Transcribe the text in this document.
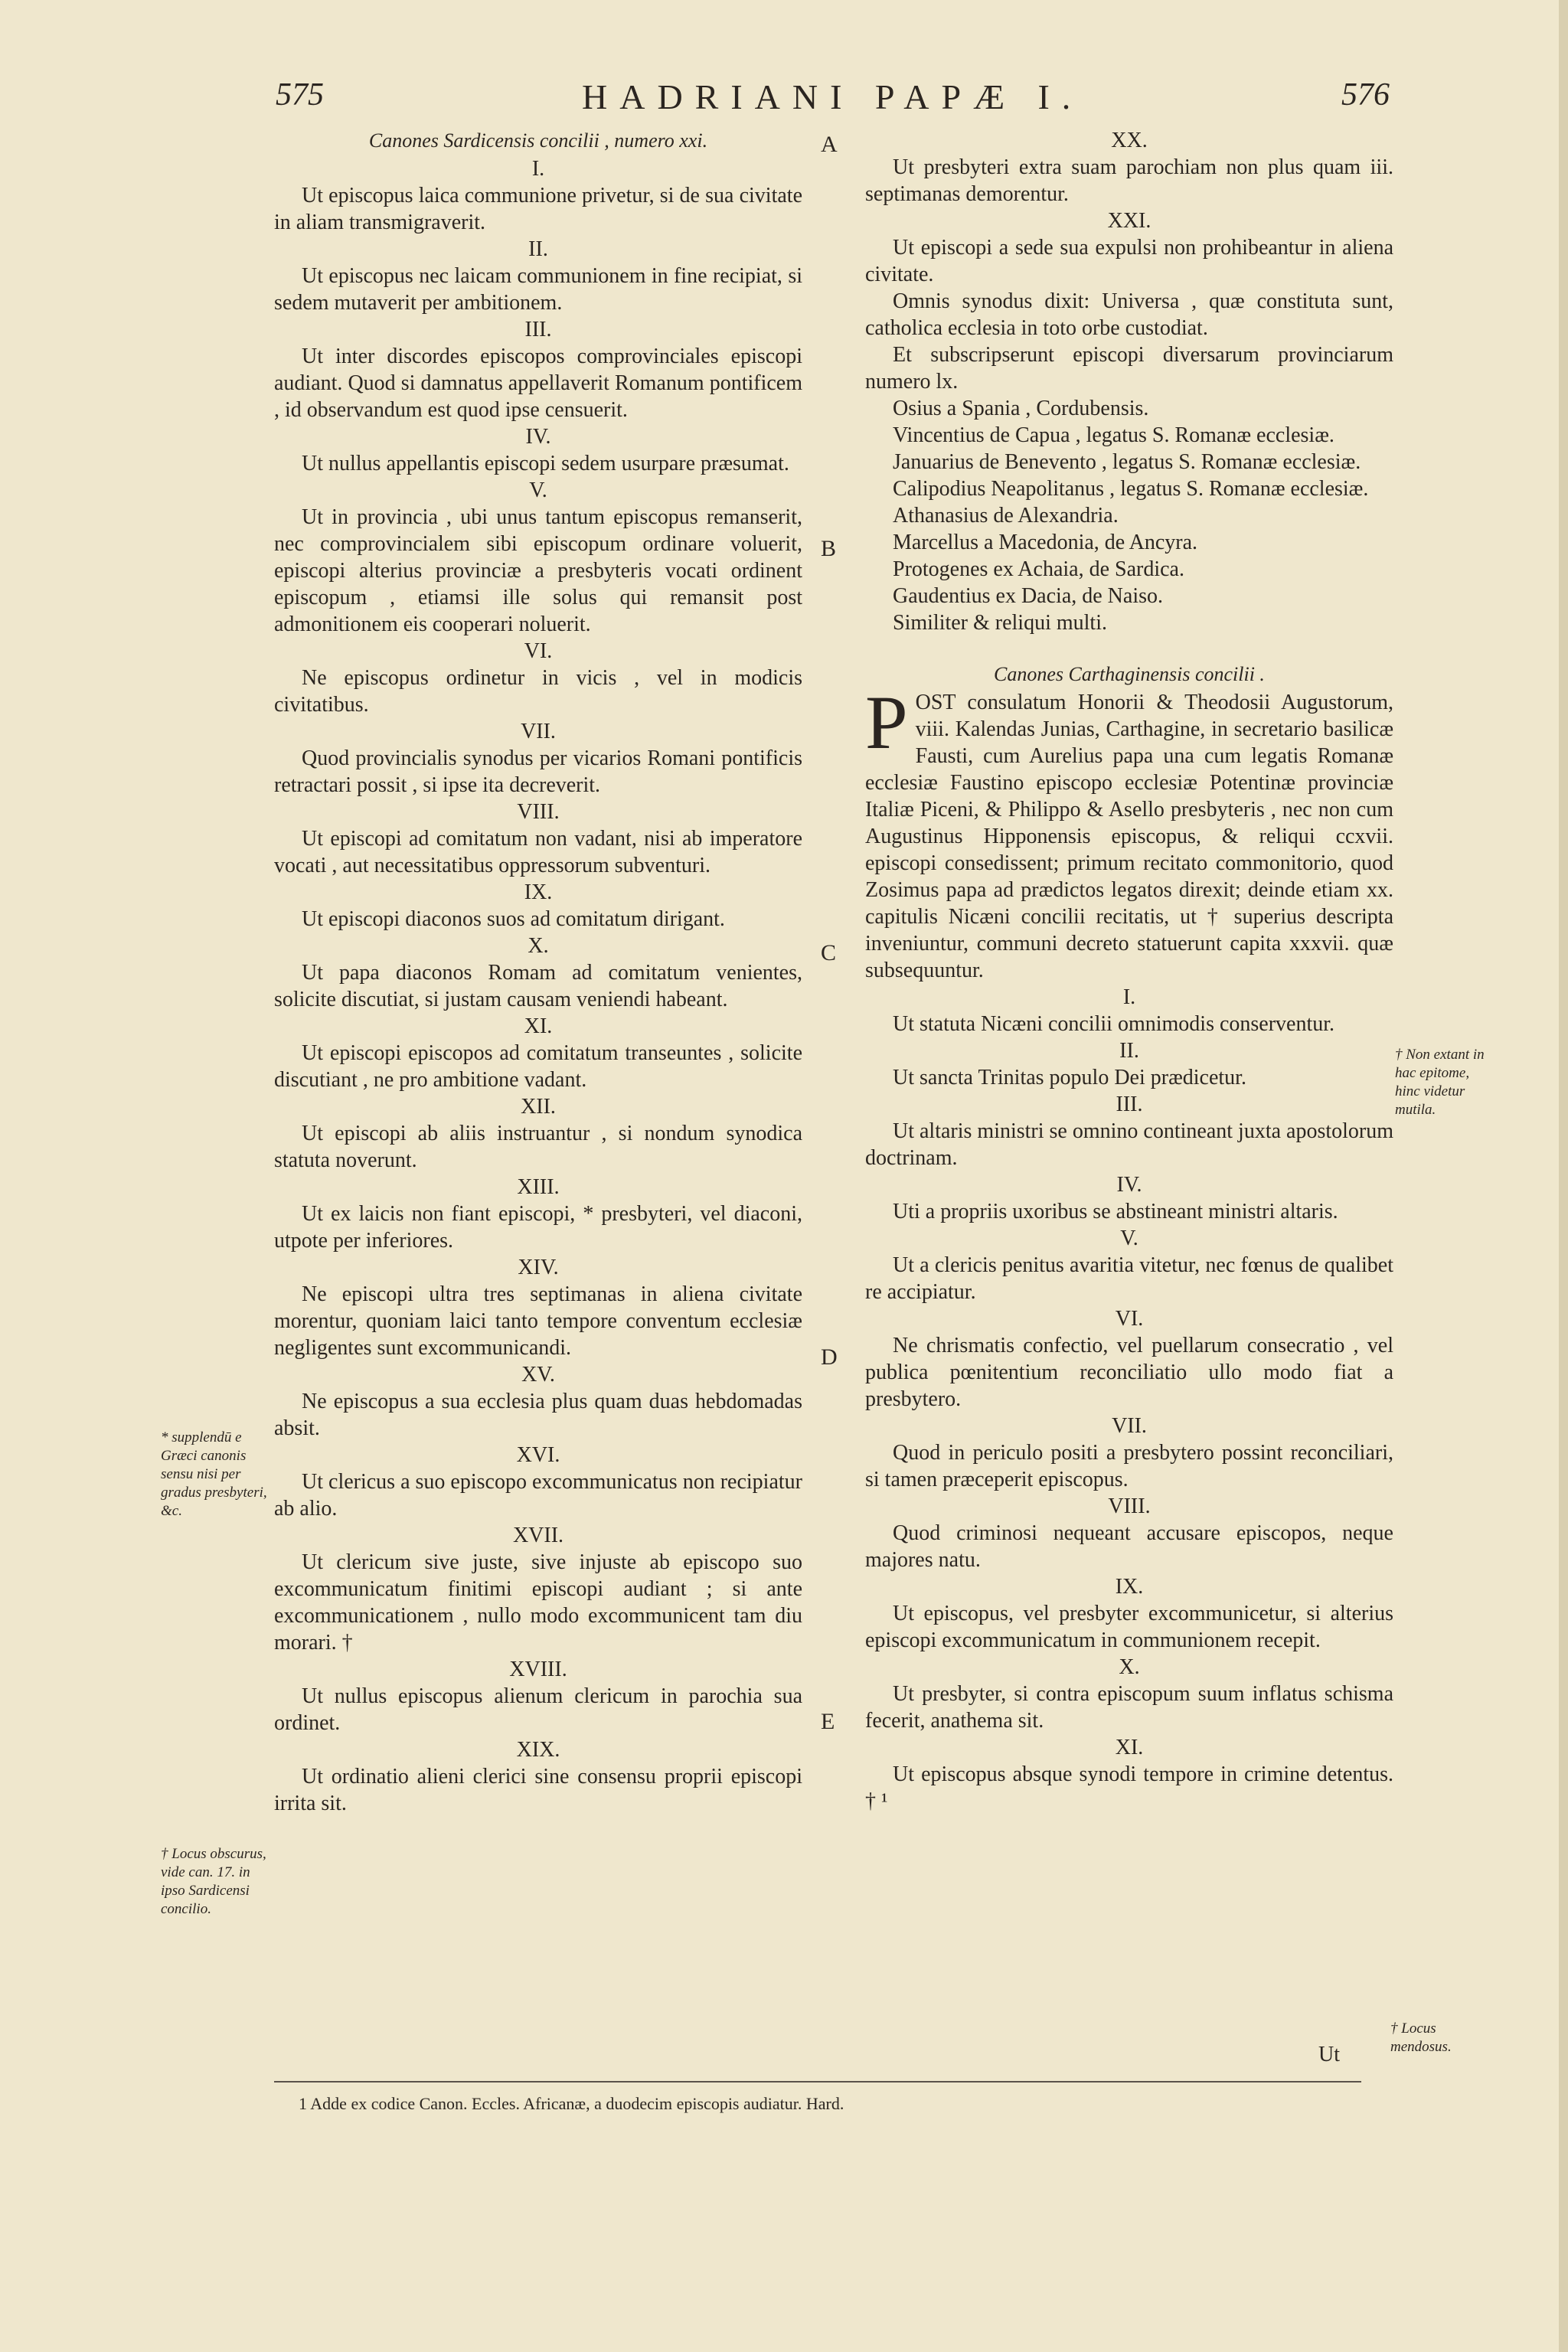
575	HADRIANI PAPÆ I.	576
Canones Sardicensis concilii , numero xxi.
I.
Ut episcopus laica communione privetur, si de sua civitate in aliam transmigraverit.
II.
Ut episcopus nec laicam communionem in fine recipiat, si sedem mutaverit per ambitionem.
III.
Ut inter discordes episcopos comprovinciales episcopi audiant. Quod si damnatus appellaverit Romanum pontificem , id observandum est quod ipse censuerit.
IV.
Ut nullus appellantis episcopi sedem usurpare præsumat.
V.
Ut in provincia , ubi unus tantum episcopus remanserit, nec comprovincialem sibi episcopum ordinare voluerit, episcopi alterius provinciæ a presbyteris vocati ordinent episcopum , etiamsi ille solus qui remansit post admonitionem eis cooperari noluerit.
VI.
Ne episcopus ordinetur in vicis , vel in modicis civitatibus.
VII.
Quod provincialis synodus per vicarios Romani pontificis retractari possit , si ipse ita decreverit.
VIII.
Ut episcopi ad comitatum non vadant, nisi ab imperatore vocati , aut necessitatibus oppressorum subventuri.
IX.
Ut episcopi diaconos suos ad comitatum dirigant.
X.
Ut papa diaconos Romam ad comitatum venientes, solicite discutiat, si justam causam veniendi habeant.
XI.
Ut episcopi episcopos ad comitatum transeuntes , solicite discutiant , ne pro ambitione vadant.
XII.
Ut episcopi ab aliis instruantur , si nondum synodica statuta noverunt.
XIII.
Ut ex laicis non fiant episcopi, * presbyteri, vel diaconi, utpote per inferiores.
XIV.
Ne episcopi ultra tres septimanas in aliena civitate morentur, quoniam laici tanto tempore conventum ecclesiæ negligentes sunt excommunicandi.
XV.
Ne episcopus a sua ecclesia plus quam duas hebdomadas absit.
XVI.
Ut clericus a suo episcopo excommunicatus non recipiatur ab alio.
XVII.
Ut clericum sive juste, sive injuste ab episcopo suo excommunicatum finitimi episcopi audiant ; si ante excommunicationem , nullo modo excommunicent tam diu morari. †
XVIII.
Ut nullus episcopus alienum clericum in parochia sua ordinet.
XIX.
Ut ordinatio alieni clerici sine consensu proprii episcopi irrita sit.
XX.
Ut presbyteri extra suam parochiam non plus quam iii. septimanas demorentur.
XXI.
Ut episcopi a sede sua expulsi non prohibeantur in aliena civitate.
Omnis synodus dixit: Universa , quæ constituta sunt, catholica ecclesia in toto orbe custodiat.
Et subscripserunt episcopi diversarum provinciarum numero lx.
Osius a Spania , Cordubensis.
Vincentius de Capua , legatus S. Romanæ ecclesiæ.
Januarius de Benevento , legatus S. Romanæ ecclesiæ.
Calipodius Neapolitanus , legatus S. Romanæ ecclesiæ.
Athanasius de Alexandria.
Marcellus a Macedonia, de Ancyra.
Protogenes ex Achaia, de Sardica.
Gaudentius ex Dacia, de Naiso.
Similiter & reliqui multi.
Canones Carthaginensis concilii .
POST consulatum Honorii & Theodosii Augustorum, viii. Kalendas Junias, Carthagine, in secretario basilicæ Fausti, cum Aurelius papa una cum legatis Romanæ ecclesiæ Faustino episcopo ecclesiæ Potentinæ provinciæ Italiæ Piceni, & Philippo & Asello presbyteris , nec non cum Augustinus Hipponensis episcopus, & reliqui ccxvii. episcopi consedissent; primum recitato commonitorio, quod Zosimus papa ad prædictos legatos direxit; deinde etiam xx. capitulis Nicæni concilii recitatis, ut † superius descripta inveniuntur, communi decreto statuerunt capita xxxvii. quæ subsequuntur.
I.
Ut statuta Nicæni concilii omnimodis conserventur.
II.
Ut sancta Trinitas populo Dei prædicetur.
III.
Ut altaris ministri se omnino contineant juxta apostolorum doctrinam.
IV.
Uti a propriis uxoribus se abstineant ministri altaris.
V.
Ut a clericis penitus avaritia vitetur, nec fœnus de qualibet re accipiatur.
VI.
Ne chrismatis confectio, vel puellarum consecratio , vel publica pœnitentium reconciliatio ullo modo fiat a presbytero.
VII.
Quod in periculo positi a presbytero possint reconciliari, si tamen præceperit episcopus.
VIII.
Quod criminosi nequeant accusare episcopos, neque majores natu.
IX.
Ut episcopus, vel presbyter excommunicetur, si alterius episcopi excommunicatum in communionem recepit.
X.
Ut presbyter, si contra episcopum suum inflatus schisma fecerit, anathema sit.
XI.
Ut episcopus absque synodi tempore in crimine detentus. † ¹
A
B
C
D
E
* supplendū e Græci canonis sensu nisi per gradus presbyteri, &c.
† Locus obscurus, vide can. 17. in ipso Sardicensi concilio.
† Non extant in hac epitome, hinc videtur mutila.
† Locus mendosus.
Ut
1 Adde ex codice Canon. Eccles. Africanæ, a duodecim episcopis audiatur. Hard.
